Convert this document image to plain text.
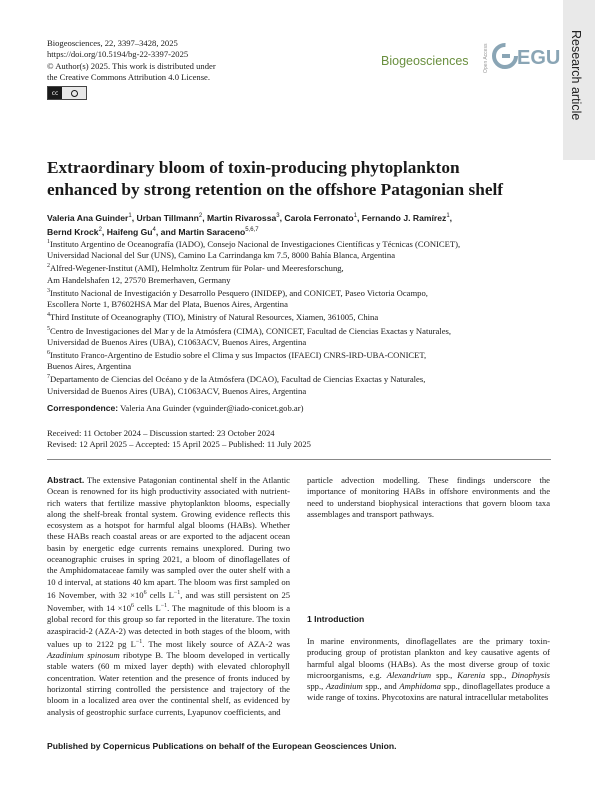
Biogeosciences, 22, 3397–3428, 2025
https://doi.org/10.5194/bg-22-3397-2025
© Author(s) 2025. This work is distributed under
the Creative Commons Attribution 4.0 License.
cc
Biogeosciences	Open Access EGU Research article
Extraordinary bloom of toxin-producing phytoplankton enhanced by strong retention on the offshore Patagonian shelf
Valeria Ana Guinder$^1$, Urban Tillmann$^2$, Martin Rivarossa$^3$, Carola Ferronato$^1$, Fernando J. Ramírez$^1$,
Bernd Krock$^2$, Haifeng Gu$^4$, and Martin Saraceno$^{5,6,7}$
$^1$Instituto Argentino de Oceanografía (IADO), Consejo Nacional de Investigaciones Científicas y Técnicas (CONICET),
Universidad Nacional del Sur (UNS), Camino La Carrindanga km 7.5, 8000 Bahía Blanca, Argentina
$^2$Alfred-Wegener-Institut (AMI), Helmholtz Zentrum für Polar- und Meeresforschung,
Am Handelshafen 12, 27570 Bremerhaven, Germany
$^3$Instituto Nacional de Investigación y Desarrollo Pesquero (INIDEP), and CONICET, Paseo Victoria Ocampo,
Escollera Norte 1, B7602HSA Mar del Plata, Buenos Aires, Argentina
$^4$Third Institute of Oceanography (TIO), Ministry of Natural Resources, Xiamen, 361005, China
$^5$Centro de Investigaciones del Mar y de la Atmósfera (CIMA), CONICET, Facultad de Ciencias Exactas y Naturales,
Universidad de Buenos Aires (UBA), C1063ACV, Buenos Aires, Argentina
$^6$Instituto Franco-Argentino de Estudio sobre el Clima y sus Impactos (IFAECI) CNRS-IRD-UBA-CONICET,
Buenos Aires, Argentina
$^7$Departamento de Ciencias del Océano y de la Atmósfera (DCAO), Facultad de Ciencias Exactas y Naturales,
Universidad de Buenos Aires (UBA), C1063ACV, Buenos Aires, Argentina
Correspondence: Valeria Ana Guinder (vguinder@iado-conicet.gob.ar)
Received: 11 October 2024 – Discussion started: 23 October 2024
Revised: 12 April 2025 – Accepted: 15 April 2025 – Published: 11 July 2025
Abstract. The extensive Patagonian continental shelf in the Atlantic Ocean is renowned for its high productivity associated with nutrient-rich waters that fertilize massive phytoplankton blooms, especially along the shelf-break frontal system. Growing evidence reflects this ecosystem as a hotspot for harmful algal blooms (HABs). Whether these HABs reach coastal areas or are exported to the adjacent ocean basin by energetic edge currents remains unexplored. During two oceanographic cruises in spring 2021, a bloom of dinoflagellates of the Amphidomataceae family was sampled over the outer shelf with a 10 d interval, at stations 40 km apart. The bloom was first sampled on 16 November, with $32 \times 10^6$ cells $L^{-1}$, and was still persistent on 25 November, with $14 \times 10^6$ cells $L^{-1}$. The magnitude of this bloom is a global record for this group so far reported in the literature. The toxin azaspiracid-2 (AZA-2) was detected in both stages of the bloom, with values up to 2122 pg $L^{-1}$. The most likely source of AZA-2 was Azadinium spinosum ribotype B. The bloom developed in vertically stable waters (60 m mixed layer depth) with elevated chlorophyll concentration. Water retention and the presence of fronts induced by horizontal stirring controlled the persistence and trajectory of the bloom in a localized area over the continental shelf, as evidenced by analysis of geostrophic surface currents, Lyapunov coefficients, and
particle advection modelling. These findings underscore the importance of monitoring HABs in offshore environments and the need to understand biophysical interactions that govern bloom taxa assemblages and transport pathways.
1 Introduction
In marine environments, dinoflagellates are the primary toxin-producing group of protistan plankton and key causative agents of harmful algal blooms (HABs). As the most diverse group of toxic microorganisms, e.g. Alexandrium spp., Karenia spp., Dinophysis spp., Azadinium spp., and Amphidoma spp., dinoflagellates produce a wide range of toxins. Phycotoxins are natural intracellular metabolites
Published by Copernicus Publications on behalf of the European Geosciences Union.
